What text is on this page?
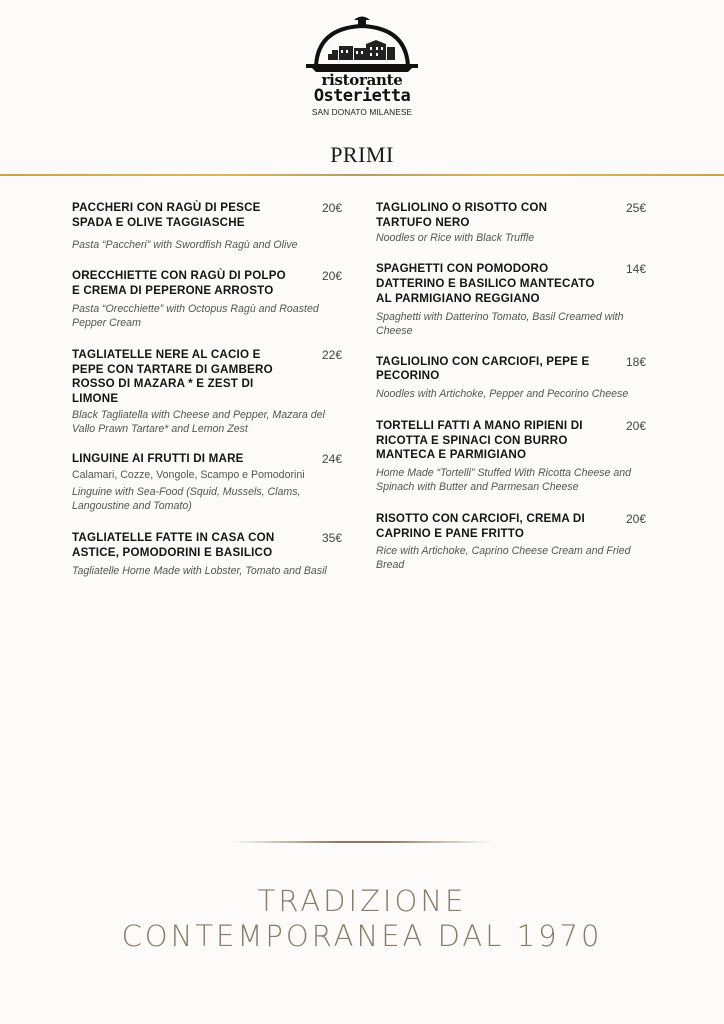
ristorante
Osterietta
SAN DONATO MILANESE
PRIMI
PACCHERI CON RAGÙ DI PESCE SPADA E OLIVE TAGGIASCHE
20€
Pasta “Paccheri” with Swordfish Ragù and Olive
ORECCHIETTE CON RAGÙ DI POLPO E CREMA DI PEPERONE ARROSTO
20€
Pasta “Orecchiette” with Octopus Ragù and Roasted Pepper Cream
TAGLIATELLE NERE AL CACIO E PEPE CON TARTARE DI GAMBERO ROSSO DI MAZARA * E ZEST DI LIMONE
22€
Black Tagliatella with Cheese and Pepper, Mazara del Vallo Prawn Tartare* and Lemon Zest
LINGUINE AI FRUTTI DI MARE	24€
Calamari, Cozze, Vongole, Scampo e Pomodorini
Linguine with Sea-Food (Squid, Mussels, Clams, Langoustine and Tomato)
TAGLIATELLE FATTE IN CASA CON ASTICE, POMODORINI E BASILICO
35€
Tagliatelle Home Made with Lobster, Tomato and Basil
TAGLIOLINO O RISOTTO CON TARTUFO NERO
25€
Noodles or Rice with Black Truffle
SPAGHETTI CON POMODORO DATTERINO E BASILICO MANTECATO AL PARMIGIANO REGGIANO
14€
Spaghetti with Datterino Tomato, Basil Creamed with Cheese
TAGLIOLINO CON CARCIOFI, PEPE E PECORINO
18€
Noodles with Artichoke, Pepper and Pecorino Cheese
TORTELLI FATTI A MANO RIPIENI DI RICOTTA E SPINACI CON BURRO MANTECA E PARMIGIANO
20€
Home Made “Tortelli” Stuffed With Ricotta Cheese and Spinach with Butter and Parmesan Cheese
RISOTTO CON CARCIOFI, CREMA DI CAPRINO E PANE FRITTO
20€
Rice with Artichoke, Caprino Cheese Cream and Fried Bread
TRADIZIONE
CONTEMPORANEA DAL 1970
